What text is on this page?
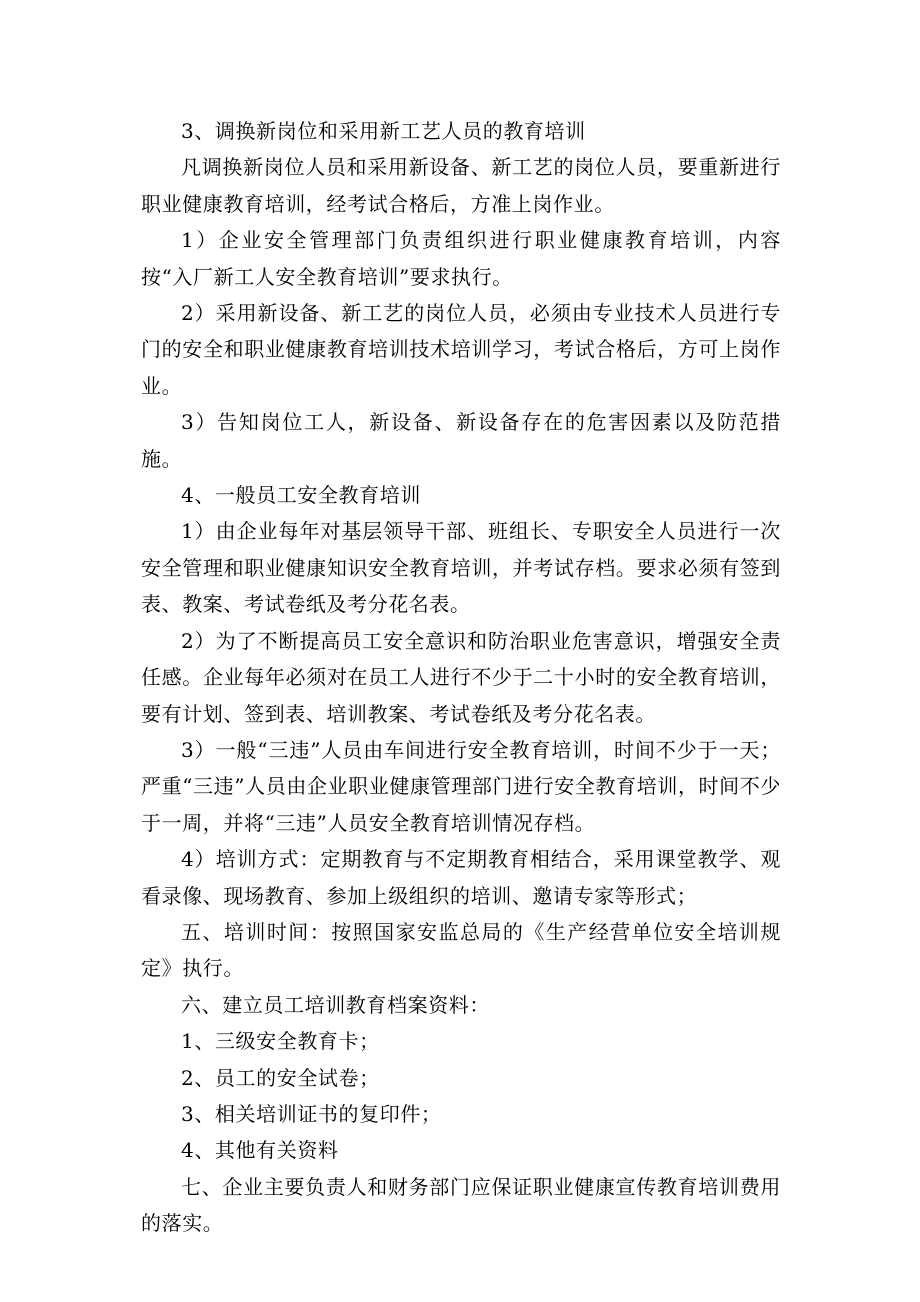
3、调换新岗位和采用新工艺人员的教育培训

凡调换新岗位人员和采用新设备、新工艺的岗位人员，要重新进行职业健康教育培训，经考试合格后，方准上岗作业。

1）企业安全管理部门负责组织进行职业健康教育培训，内容按“入厂新工人安全教育培训”要求执行。

2）采用新设备、新工艺的岗位人员，必须由专业技术人员进行专门的安全和职业健康教育培训技术培训学习，考试合格后，方可上岗作业。

3）告知岗位工人，新设备、新设备存在的危害因素以及防范措施。

4、一般员工安全教育培训

1）由企业每年对基层领导干部、班组长、专职安全人员进行一次安全管理和职业健康知识安全教育培训，并考试存档。要求必须有签到表、教案、考试卷纸及考分花名表。

2）为了不断提高员工安全意识和防治职业危害意识，增强安全责任感。企业每年必须对在员工人进行不少于二十小时的安全教育培训，要有计划、签到表、培训教案、考试卷纸及考分花名表。

3）一般“三违”人员由车间进行安全教育培训，时间不少于一天；严重“三违”人员由企业职业健康管理部门进行安全教育培训，时间不少于一周，并将“三违”人员安全教育培训情况存档。

4）培训方式：定期教育与不定期教育相结合，采用课堂教学、观看录像、现场教育、参加上级组织的培训、邀请专家等形式；

五、培训时间：按照国家安监总局的《生产经营单位安全培训规定》执行。

六、建立员工培训教育档案资料：

1、三级安全教育卡；

2、员工的安全试卷；

3、相关培训证书的复印件；

4、其他有关资料

七、企业主要负责人和财务部门应保证职业健康宣传教育培训费用的落实。
